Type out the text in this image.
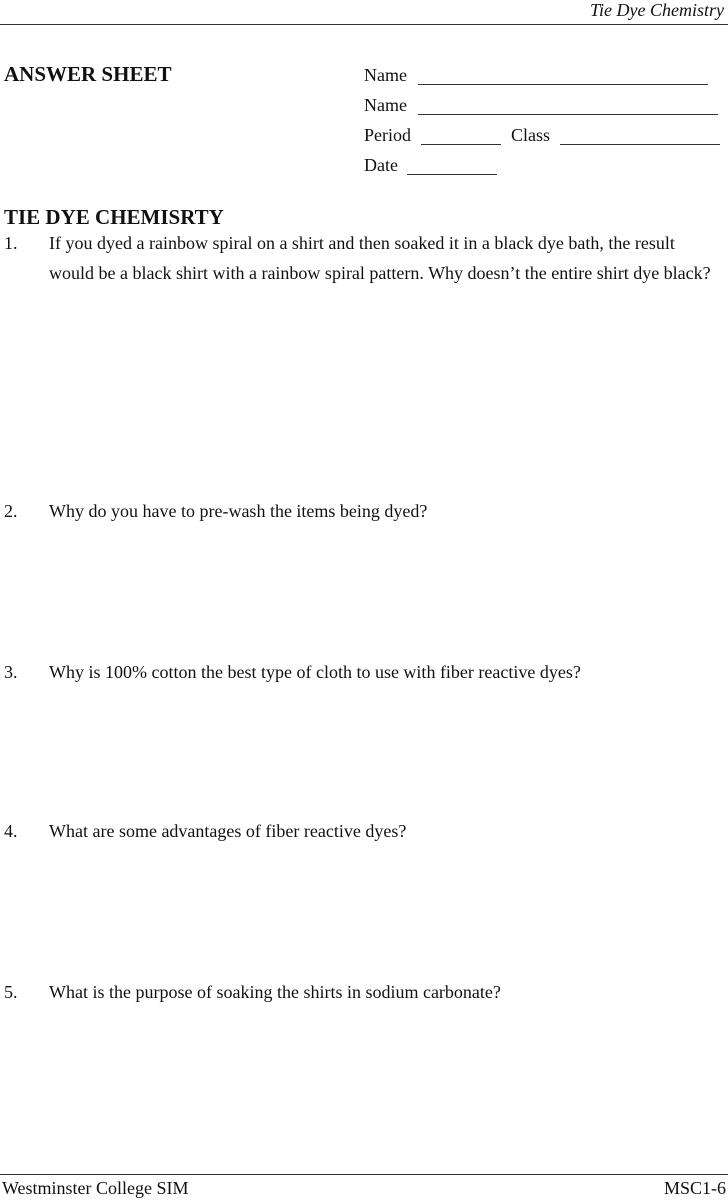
Tie Dye Chemistry
ANSWER SHEET	Name
Name
Period	Class
Date
TIE DYE CHEMISRTY
1. If you dyed a rainbow spiral on a shirt and then soaked it in a black dye bath, the result would be a black shirt with a rainbow spiral pattern. Why doesn’t the entire shirt dye black?
2. Why do you have to pre-wash the items being dyed?
3. Why is 100% cotton the best type of cloth to use with fiber reactive dyes?
4. What are some advantages of fiber reactive dyes?
5. What is the purpose of soaking the shirts in sodium carbonate?
Westminster College SIM	MSC1-6
